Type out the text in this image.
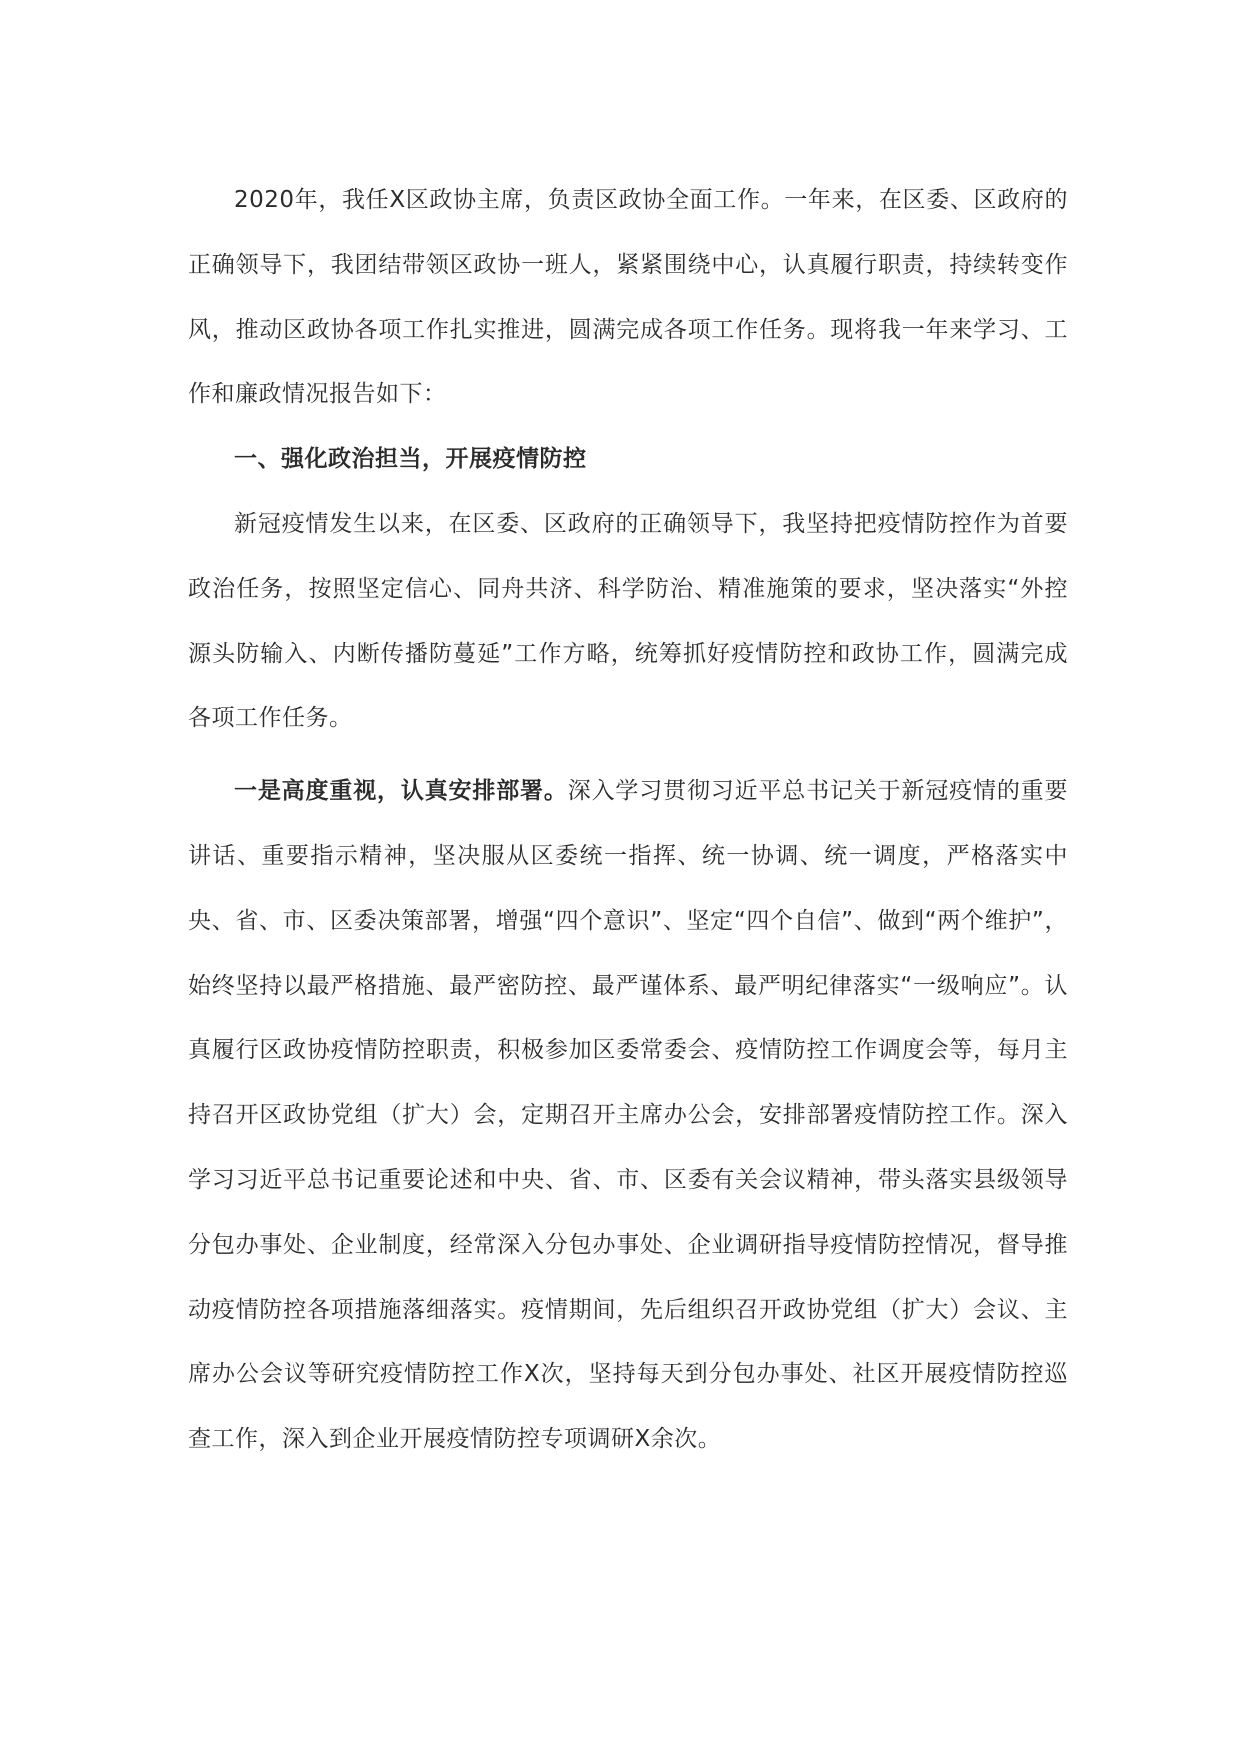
2020年，我任X区政协主席，负责区政协全面工作。一年来，在区委、区政府的正确领导下，我团结带领区政协一班人，紧紧围绕中心，认真履行职责，持续转变作风，推动区政协各项工作扎实推进，圆满完成各项工作任务。现将我一年来学习、工作和廉政情况报告如下：

一、强化政治担当，开展疫情防控

新冠疫情发生以来，在区委、区政府的正确领导下，我坚持把疫情防控作为首要政治任务，按照坚定信心、同舟共济、科学防治、精准施策的要求，坚决落实“外控源头防输入、内断传播防蔓延”工作方略，统筹抓好疫情防控和政协工作，圆满完成各项工作任务。

一是高度重视，认真安排部署。深入学习贯彻习近平总书记关于新冠疫情的重要讲话、重要指示精神，坚决服从区委统一指挥、统一协调、统一调度，严格落实中央、省、市、区委决策部署，增强“四个意识”、坚定“四个自信”、做到“两个维护”，始终坚持以最严格措施、最严密防控、最严谨体系、最严明纪律落实“一级响应”。认真履行区政协疫情防控职责，积极参加区委常委会、疫情防控工作调度会等，每月主持召开区政协党组（扩大）会，定期召开主席办公会，安排部署疫情防控工作。深入学习习近平总书记重要论述和中央、省、市、区委有关会议精神，带头落实县级领导分包办事处、企业制度，经常深入分包办事处、企业调研指导疫情防控情况，督导推动疫情防控各项措施落细落实。疫情期间，先后组织召开政协党组（扩大）会议、主席办公会议等研究疫情防控工作X次，坚持每天到分包办事处、社区开展疫情防控巡查工作，深入到企业开展疫情防控专项调研X余次。
